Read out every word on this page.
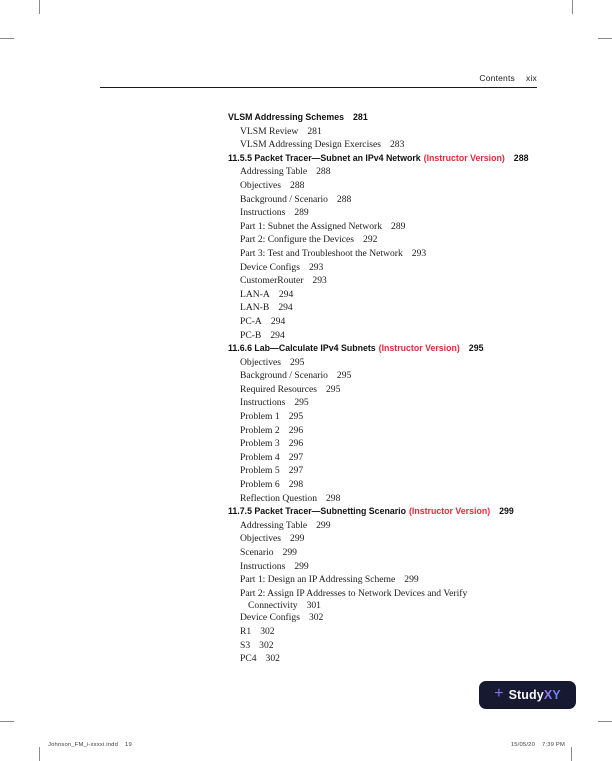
Contents xix
VLSM Addressing Schemes 281
VLSM Review 281
VLSM Addressing Design Exercises 283
11.5.5 Packet Tracer—Subnet an IPv4 Network (Instructor Version) 288
Addressing Table 288
Objectives 288
Background / Scenario 288
Instructions 289
Part 1: Subnet the Assigned Network 289
Part 2: Configure the Devices 292
Part 3: Test and Troubleshoot the Network 293
Device Configs 293
CustomerRouter 293
LAN-A 294
LAN-B 294
PC-A 294
PC-B 294
11.6.6 Lab—Calculate IPv4 Subnets (Instructor Version) 295
Objectives 295
Background / Scenario 295
Required Resources 295
Instructions 295
Problem 1 295
Problem 2 296
Problem 3 296
Problem 4 297
Problem 5 297
Problem 6 298
Reflection Question 298
11.7.5 Packet Tracer—Subnetting Scenario (Instructor Version) 299
Addressing Table 299
Objectives 299
Scenario 299
Instructions 299
Part 1: Design an IP Addressing Scheme 299
Part 2: Assign IP Addresses to Network Devices and Verify
Connectivity 301
Device Configs 302
R1 302
S3 302
PC4 302
+ StudyXY
Johnson_FM_i-xxxxi.indd 19	15/05/20 7:39 PM
